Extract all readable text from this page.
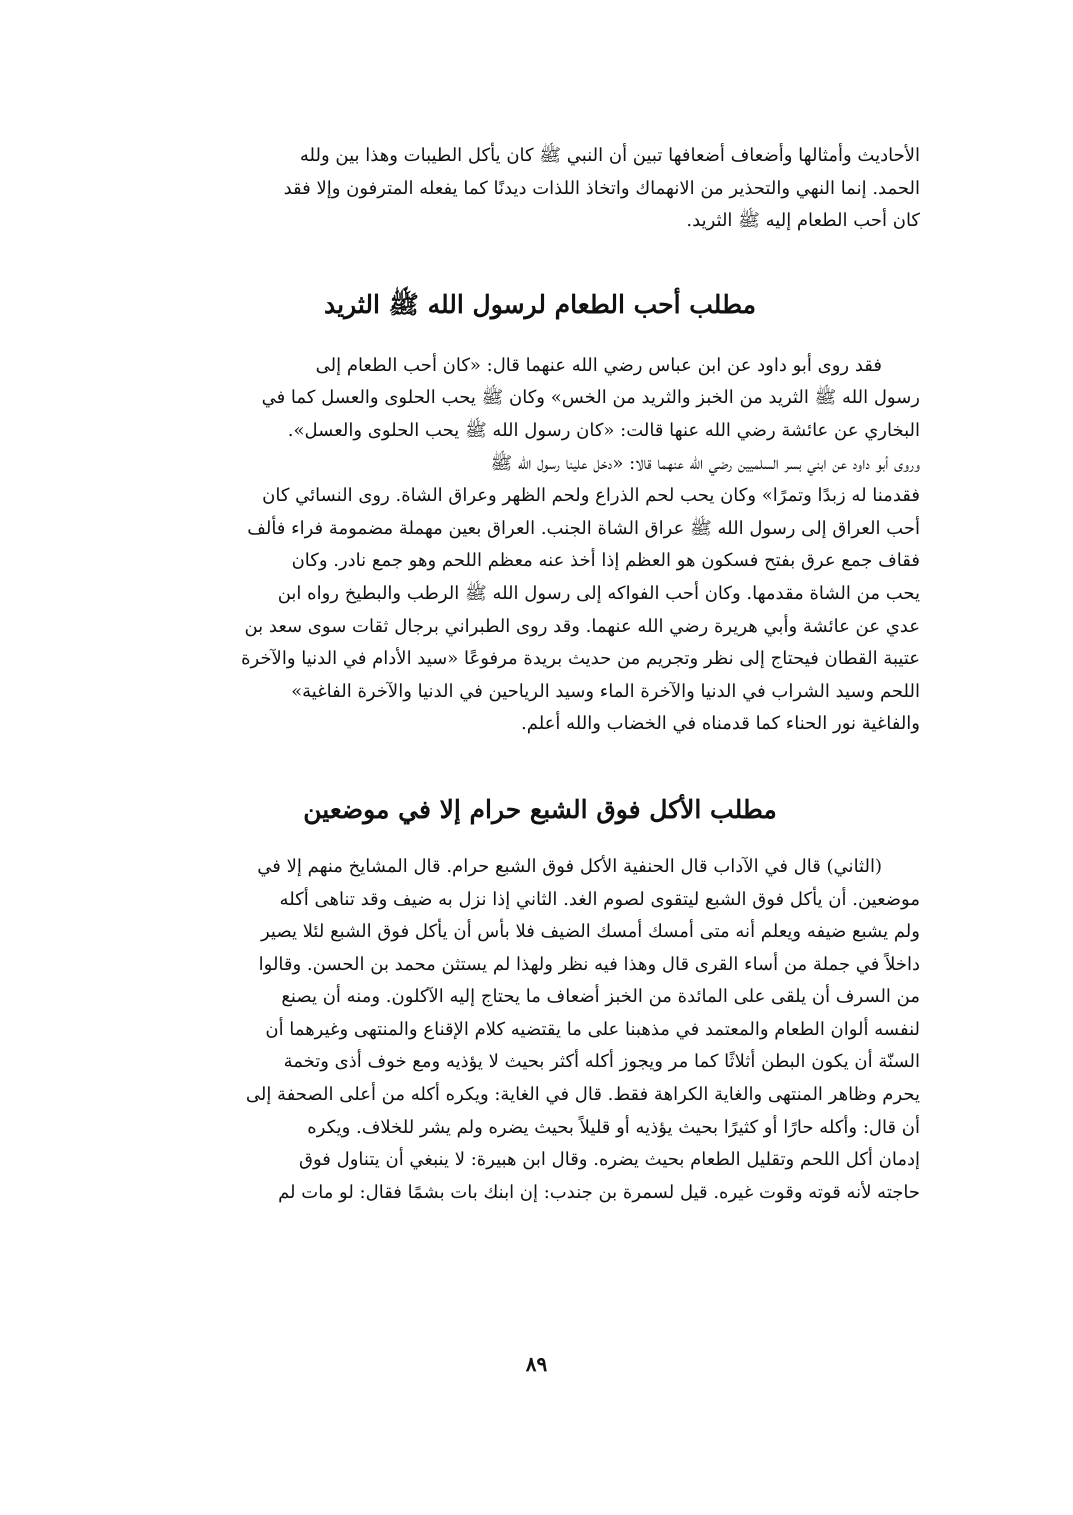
الأحاديث وأمثالها وأضعاف أضعافها تبين أن النبي ﷺ كان يأكل الطيبات وهذا بين ولله

الحمد. إنما النهي والتحذير من الانهماك واتخاذ اللذات ديدنًا كما يفعله المترفون وإلا فقد

كان أحب الطعام إليه ﷺ الثريد.

مطلب أحب الطعام لرسول الله ﷺ الثريد

فقد روى أبو داود عن ابن عباس رضي الله عنهما قال: «كان أحب الطعام إلى

رسول الله ﷺ الثريد من الخبز والثريد من الخس» وكان ﷺ يحب الحلوى والعسل كما في

البخاري عن عائشة رضي الله عنها قالت: «كان رسول الله ﷺ يحب الحلوى والعسل».

وروى أبو داود عن ابني بسر السلميين رضي الله عنهما قالا: «دخل علينا رسول الله ﷺ

فقدمنا له زبدًا وتمرًا» وكان يحب لحم الذراع ولحم الظهر وعراق الشاة. روى النسائي كان

أحب العراق إلى رسول الله ﷺ عراق الشاة الجنب. العراق بعين مهملة مضمومة فراء فألف

فقاف جمع عرق بفتح فسكون هو العظم إذا أخذ عنه معظم اللحم وهو جمع نادر. وكان

يحب من الشاة مقدمها. وكان أحب الفواكه إلى رسول الله ﷺ الرطب والبطيخ رواه ابن

عدي عن عائشة وأبي هريرة رضي الله عنهما. وقد روى الطبراني برجال ثقات سوى سعد بن

عتيبة القطان فيحتاج إلى نظر وتجريم من حديث بريدة مرفوعًا «سيد الأدام في الدنيا والآخرة

اللحم وسيد الشراب في الدنيا والآخرة الماء وسيد الرياحين في الدنيا والآخرة الفاغية»

والفاغية نور الحناء كما قدمناه في الخضاب والله أعلم.

مطلب الأكل فوق الشبع حرام إلا في موضعين

(الثاني) قال في الآداب قال الحنفية الأكل فوق الشبع حرام. قال المشايخ منهم إلا في

موضعين. أن يأكل فوق الشبع ليتقوى لصوم الغد. الثاني إذا نزل به ضيف وقد تناهى أكله

ولم يشبع ضيفه ويعلم أنه متى أمسك أمسك الضيف فلا بأس أن يأكل فوق الشبع لئلا يصير

داخلاً في جملة من أساء القرى قال وهذا فيه نظر ولهذا لم يستثن محمد بن الحسن. وقالوا

من السرف أن يلقى على المائدة من الخبز أضعاف ما يحتاج إليه الآكلون. ومنه أن يصنع

لنفسه ألوان الطعام والمعتمد في مذهبنا على ما يقتضيه كلام الإقناع والمنتهى وغيرهما أن

السنّة أن يكون البطن أثلاثًا كما مر ويجوز أكله أكثر بحيث لا يؤذيه ومع خوف أذى وتخمة

يحرم وظاهر المنتهى والغاية الكراهة فقط. قال في الغاية: ويكره أكله من أعلى الصحفة إلى

أن قال: وأكله حارًا أو كثيرًا بحيث يؤذيه أو قليلاً بحيث يضره ولم يشر للخلاف. ويكره

إدمان أكل اللحم وتقليل الطعام بحيث يضره. وقال ابن هبيرة: لا ينبغي أن يتناول فوق

حاجته لأنه قوته وقوت غيره. قيل لسمرة بن جندب: إن ابنك بات بشمًا فقال: لو مات لم

٨٩
